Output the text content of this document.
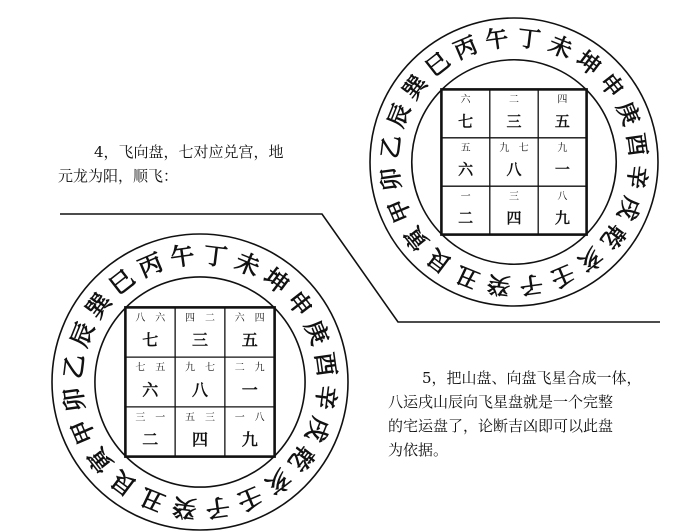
4，飞向盘，七对应兑宫，地
元龙为阳，顺飞：
5，把山盘、向盘飞星合成一体，
八运戌山辰向飞星盘就是一个完整
的宅运盘了，论断吉凶即可以此盘
为依据。
午 丁 未
坤
申
庚
酉
辛
戌
乾
亥
壬
子
癸
丑
艮
寅
甲
卯
乙
辰
巽
巳
丙
六
七
二
三
四
五
五
六
九 七
八
九
一
一
二
三
四
八
九
午 丁 未
坤
申
庚
酉
辛
戌
乾
亥
壬
子
癸
丑
艮
寅
甲
卯
乙
辰
巽
巳
丙
八 六
七
四 二
三
六 四
五
七 五
六
九 七
八
二 九
一
三 一
二
五 三
四
一 八
九
